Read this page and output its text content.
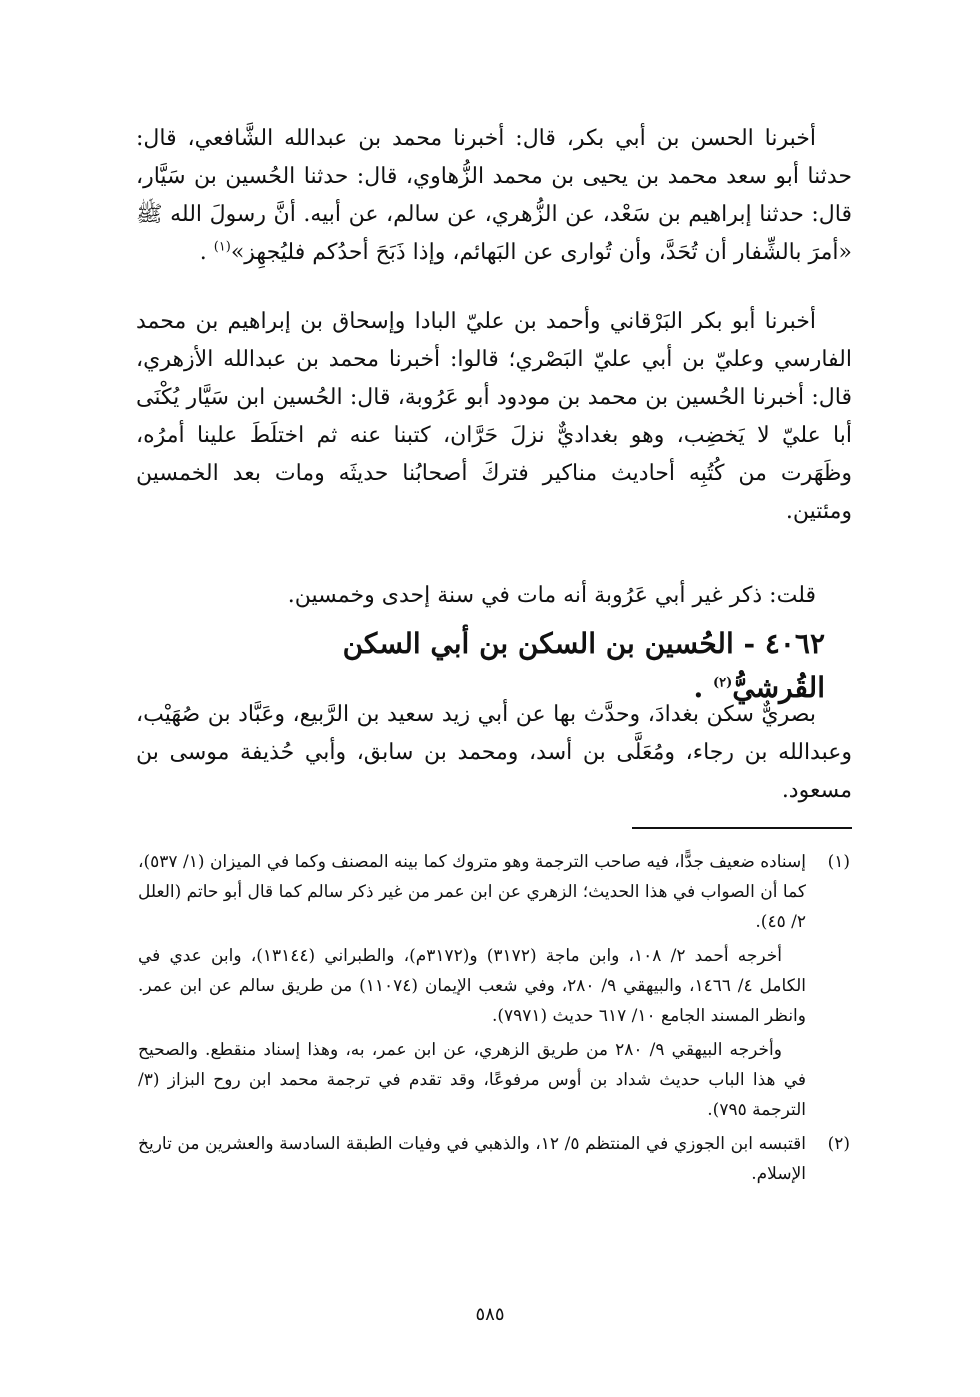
أخبرنا الحسن بن أبي بكر، قال: أخبرنا محمد بن عبدالله الشَّافعي، قال: حدثنا أبو سعد محمد بن يحيى بن محمد الزُّهاوي، قال: حدثنا الحُسين بن سَيَّار، قال: حدثنا إبراهيم بن سَعْد، عن الزُّهري، عن سالم، عن أبيه. أنَّ رسولَ الله ﷺ «أمرَ بالشِّفار أن تُحَدَّ، وأن تُوارى عن البَهائم، وإذا ذَبَحَ أحدُكم فليُجهِز»$^{(١)}$ .

أخبرنا أبو بكر البَرْقاني وأحمد بن عليّ البادا وإسحاق بن إبراهيم بن محمد الفارسي وعليّ بن أبي عليّ البَصْري؛ قالوا: أخبرنا محمد بن عبدالله الأزهري، قال: أخبرنا الحُسين بن محمد بن مودود أبو عَرُوبة، قال: الحُسين ابن سَيَّار يُكْنَى أبا عليّ لا يَخضِب، وهو بغداديٌّ نزلَ حَرَّان، كتبنا عنه ثم اختلَطَ علينا أمرُه، وظَهَرت من كُتُبِه أحاديث مناكير فتركَ أصحابُنا حديثَه ومات بعد الخمسين ومئتين.

قلت: ذكر غير أبي عَرُوبة أنه مات في سنة إحدى وخمسين.

٤٠٦٢ - الحُسين بن السكن بن أبي السكن القُرشيُّ$^{(٢)}$ .

بصريٌّ سكن بغدادَ، وحدَّث بها عن أبي زيد سعيد بن الرَّبيع، وعَبَّاد بن صُهَيْب، وعبدالله بن رجاء، ومُعَلَّى بن أسد، ومحمد بن سابق، وأبي حُذيفة موسى بن مسعود.

(١)

إسناده ضعيف جدًّا، فيه صاحب الترجمة وهو متروك كما بينه المصنف وكما في الميزان (١/ ٥٣٧)، كما أن الصواب في هذا الحديث؛ الزهري عن ابن عمر من غير ذكر سالم كما قال أبو حاتم (العلل ٢/ ٤٥).

أخرجه أحمد ٢/ ١٠٨، وابن ماجة (٣١٧٢) و(٣١٧٢م)، والطبراني (١٣١٤٤)، وابن عدي في الكامل ٤/ ١٤٦٦، والبيهقي ٩/ ٢٨٠، وفي شعب الإيمان (١١٠٧٤) من طريق سالم عن ابن عمر. وانظر المسند الجامع ١٠/ ٦١٧ حديث (٧٩٧١).

وأخرجه البيهقي ٩/ ٢٨٠ من طريق الزهري، عن ابن عمر، به، وهذا إسناد منقطع. والصحيح في هذا الباب حديث شداد بن أوس مرفوعًا، وقد تقدم في ترجمة محمد ابن روح البزاز (٣/ الترجمة ٧٩٥).

(٢)

اقتبسه ابن الجوزي في المنتظم ٥/ ١٢، والذهبي في وفيات الطبقة السادسة والعشرين من تاريخ الإسلام.

٥٨٥
